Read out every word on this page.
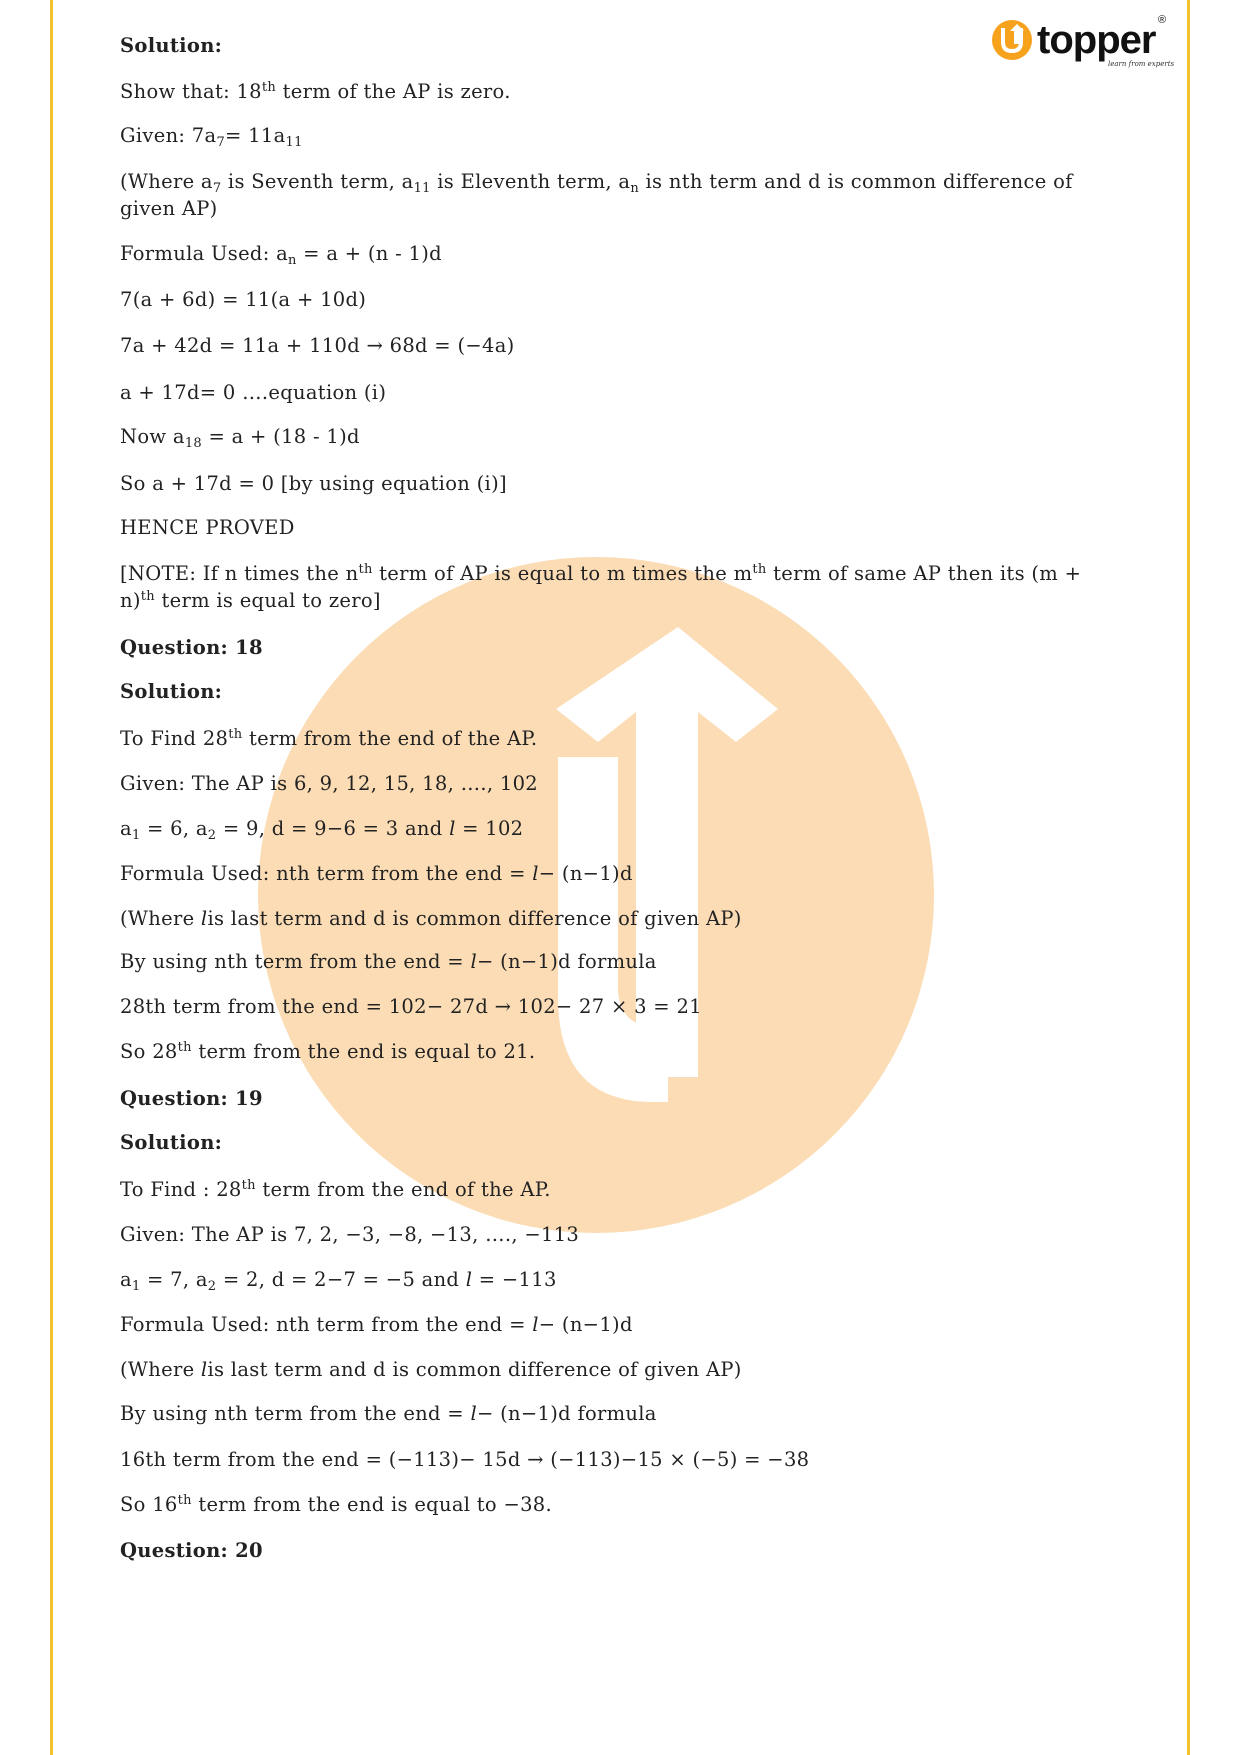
topper ®
learn from experts
Solution:
Show that: 18th term of the AP is zero.
Given: $7a_7= 11a_{11}$
(Where $a_7$ is Seventh term, $a_{11}$ is Eleventh term, $a_n$ is nth term and d is common difference of given AP)
Formula Used: $a_n = a + (n - 1)d$
7(a + 6d) = 11(a + 10d)
7a + 42d = 11a + 110d → 68d = (−4a)
a + 17d= 0 ….equation (i)
Now $a_{18} = a + (18 - 1)d$
So a + 17d = 0 [by using equation (i)]
HENCE PROVED
[NOTE: If n times the $n^{th}$ term of AP is equal to m times the $m^{th}$ term of same AP then its $(m + n)^{th}$ term is equal to zero]
Question: 18
Solution:
To Find 28th term from the end of the AP.
Given: The AP is 6, 9, 12, 15, 18, …., 102
$a_1 = 6$, $a_2 = 9$, d = 9−6 = 3 and l = 102
Formula Used: nth term from the end = l− (n−1)d
(Where lis last term and d is common difference of given AP)
By using nth term from the end = l− (n−1)d formula
28th term from the end = 102− 27d → 102− 27 × 3 = 21
So 28th term from the end is equal to 21.
Question: 19
Solution:
To Find : 28th term from the end of the AP.
Given: The AP is 7, 2, −3, −8, −13, …., −113
$a_1 = 7$, $a_2 = 2$, d = 2−7 = −5 and l = −113
Formula Used: nth term from the end = l− (n−1)d
(Where lis last term and d is common difference of given AP)
By using nth term from the end = l− (n−1)d formula
16th term from the end = (−113)− 15d → (−113)−15 × (−5) = −38
So 16th term from the end is equal to −38.
Question: 20
